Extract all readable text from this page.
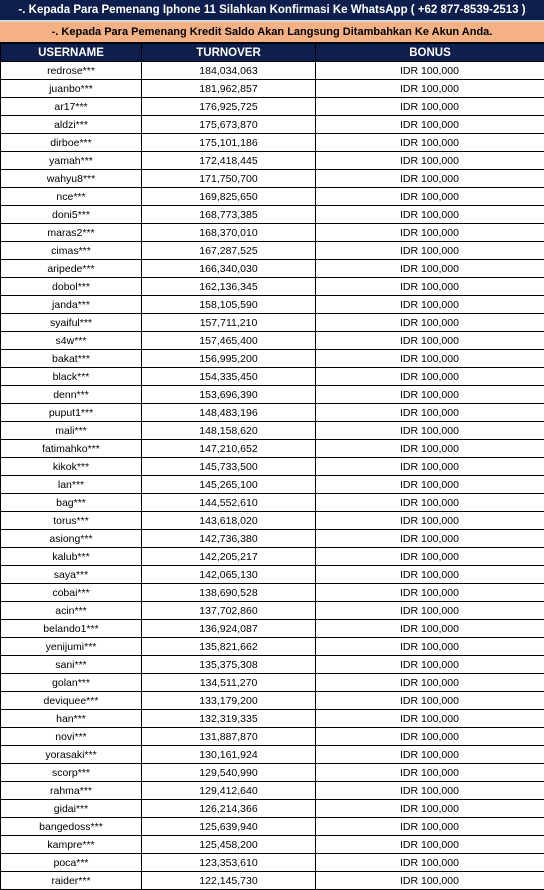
-. Kepada Para Pemenang Iphone 11 Silahkan Konfirmasi Ke WhatsApp ( +62 877-8539-2513 )
-. Kepada Para Pemenang Kredit Saldo Akan Langsung Ditambahkan Ke Akun Anda.
USERNAME	TURNOVER	BONUS
redrose***	184,034,063	IDR 100,000
juanbo***	181,962,857	IDR 100,000
ar17***	176,925,725	IDR 100,000
aldzi***	175,673,870	IDR 100,000
dirboe***	175,101,186	IDR 100,000
yamah***	172,418,445	IDR 100,000
wahyu8***	171,750,700	IDR 100,000
nce***	169,825,650	IDR 100,000
doni5***	168,773,385	IDR 100,000
maras2***	168,370,010	IDR 100,000
cimas***	167,287,525	IDR 100,000
aripede***	166,340,030	IDR 100,000
dobol***	162,136,345	IDR 100,000
janda***	158,105,590	IDR 100,000
syaiful***	157,711,210	IDR 100,000
s4w***	157,465,400	IDR 100,000
bakat***	156,995,200	IDR 100,000
black***	154,335,450	IDR 100,000
denn***	153,696,390	IDR 100,000
puput1***	148,483,196	IDR 100,000
mali***	148,158,620	IDR 100,000
fatimahko***	147,210,652	IDR 100,000
kikok***	145,733,500	IDR 100,000
lan***	145,265,100	IDR 100,000
bag***	144,552,610	IDR 100,000
torus***	143,618,020	IDR 100,000
asiong***	142,736,380	IDR 100,000
kalub***	142,205,217	IDR 100,000
saya***	142,065,130	IDR 100,000
cobai***	138,690,528	IDR 100,000
acin***	137,702,860	IDR 100,000
belando1***	136,924,087	IDR 100,000
yenijumi***	135,821,662	IDR 100,000
sani***	135,375,308	IDR 100,000
golan***	134,511,270	IDR 100,000
deviquee***	133,179,200	IDR 100,000
han***	132,319,335	IDR 100,000
novi***	131,887,870	IDR 100,000
yorasaki***	130,161,924	IDR 100,000
scorp***	129,540,990	IDR 100,000
rahma***	129,412,640	IDR 100,000
gidai***	126,214,366	IDR 100,000
bangedoss***	125,639,940	IDR 100,000
kampre***	125,458,200	IDR 100,000
poca***	123,353,610	IDR 100,000
raider***	122,145,730	IDR 100,000
